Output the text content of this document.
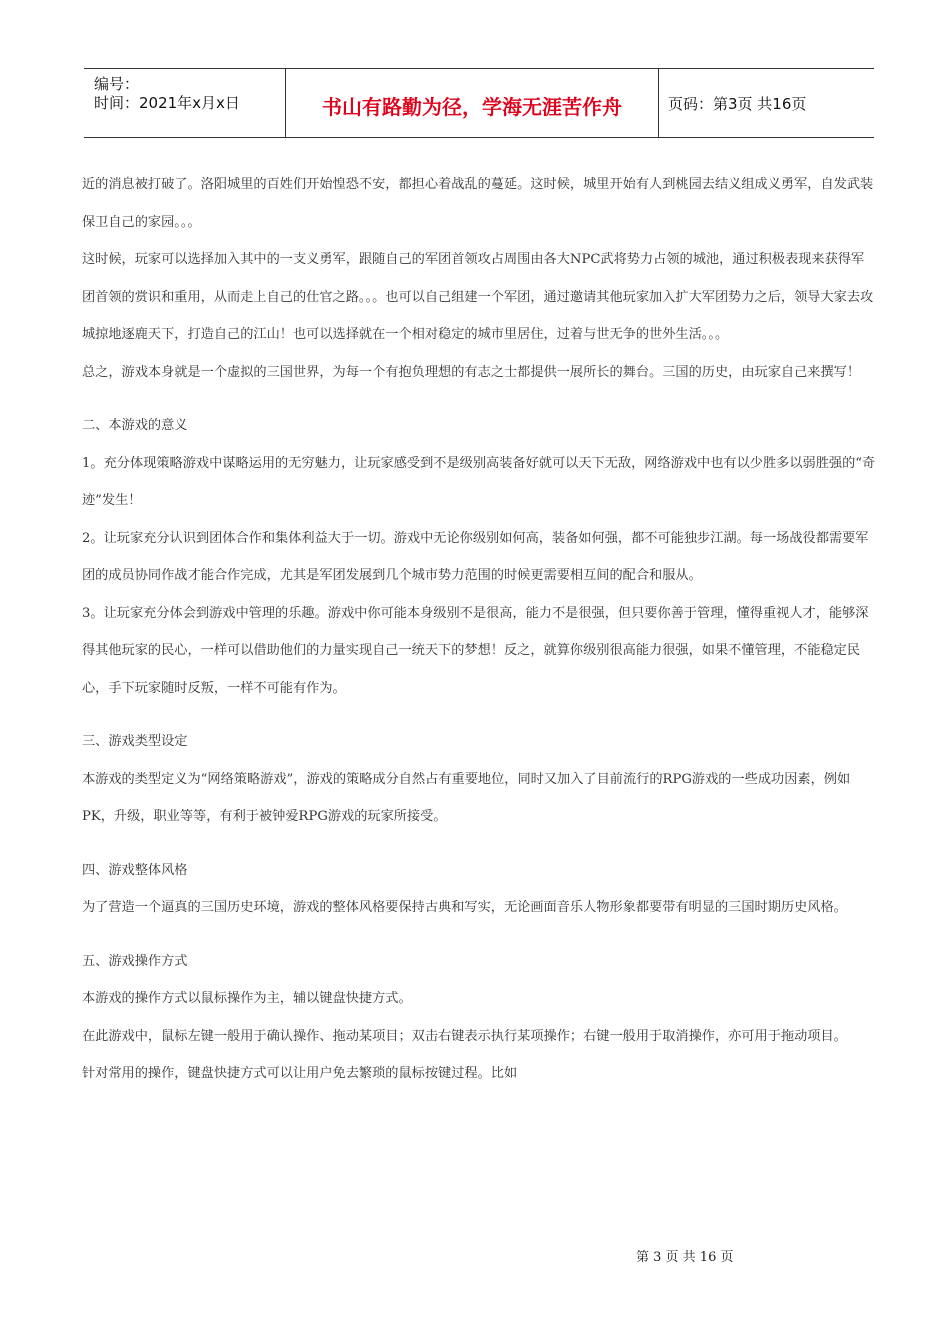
编号：
时间：2021年x月x日	书山有路勤为径，学海无涯苦作舟	页码：第3页 共16页

近的消息被打破了。洛阳城里的百姓们开始惶恐不安，都担心着战乱的蔓延。这时候，城里开始有人到桃园去结义组成义勇军，自发武装保卫自己的家园。。。

这时候，玩家可以选择加入其中的一支义勇军，跟随自己的军团首领攻占周围由各大NPC武将势力占领的城池，通过积极表现来获得军团首领的赏识和重用，从而走上自己的仕官之路。。。也可以自己组建一个军团，通过邀请其他玩家加入扩大军团势力之后，领导大家去攻城掠地逐鹿天下，打造自己的江山！也可以选择就在一个相对稳定的城市里居住，过着与世无争的世外生活。。。

总之，游戏本身就是一个虚拟的三国世界，为每一个有抱负理想的有志之士都提供一展所长的舞台。三国的历史，由玩家自己来撰写！

二、本游戏的意义

1。充分体现策略游戏中谋略运用的无穷魅力，让玩家感受到不是级别高装备好就可以天下无敌，网络游戏中也有以少胜多以弱胜强的“奇迹”发生！

2。让玩家充分认识到团体合作和集体利益大于一切。游戏中无论你级别如何高，装备如何强，都不可能独步江湖。每一场战役都需要军团的成员协同作战才能合作完成，尤其是军团发展到几个城市势力范围的时候更需要相互间的配合和服从。

3。让玩家充分体会到游戏中管理的乐趣。游戏中你可能本身级别不是很高，能力不是很强，但只要你善于管理，懂得重视人才，能够深得其他玩家的民心，一样可以借助他们的力量实现自己一统天下的梦想！反之，就算你级别很高能力很强，如果不懂管理，不能稳定民心，手下玩家随时反叛，一样不可能有作为。

三、游戏类型设定

本游戏的类型定义为“网络策略游戏”，游戏的策略成分自然占有重要地位，同时又加入了目前流行的RPG游戏的一些成功因素，例如PK，升级，职业等等，有利于被钟爱RPG游戏的玩家所接受。

四、游戏整体风格

为了营造一个逼真的三国历史环境，游戏的整体风格要保持古典和写实，无论画面音乐人物形象都要带有明显的三国时期历史风格。

五、游戏操作方式

本游戏的操作方式以鼠标操作为主，辅以键盘快捷方式。

在此游戏中，鼠标左键一般用于确认操作、拖动某项目；双击右键表示执行某项操作；右键一般用于取消操作，亦可用于拖动项目。

针对常用的操作，键盘快捷方式可以让用户免去繁琐的鼠标按键过程。比如

第 3 页 共 16 页
